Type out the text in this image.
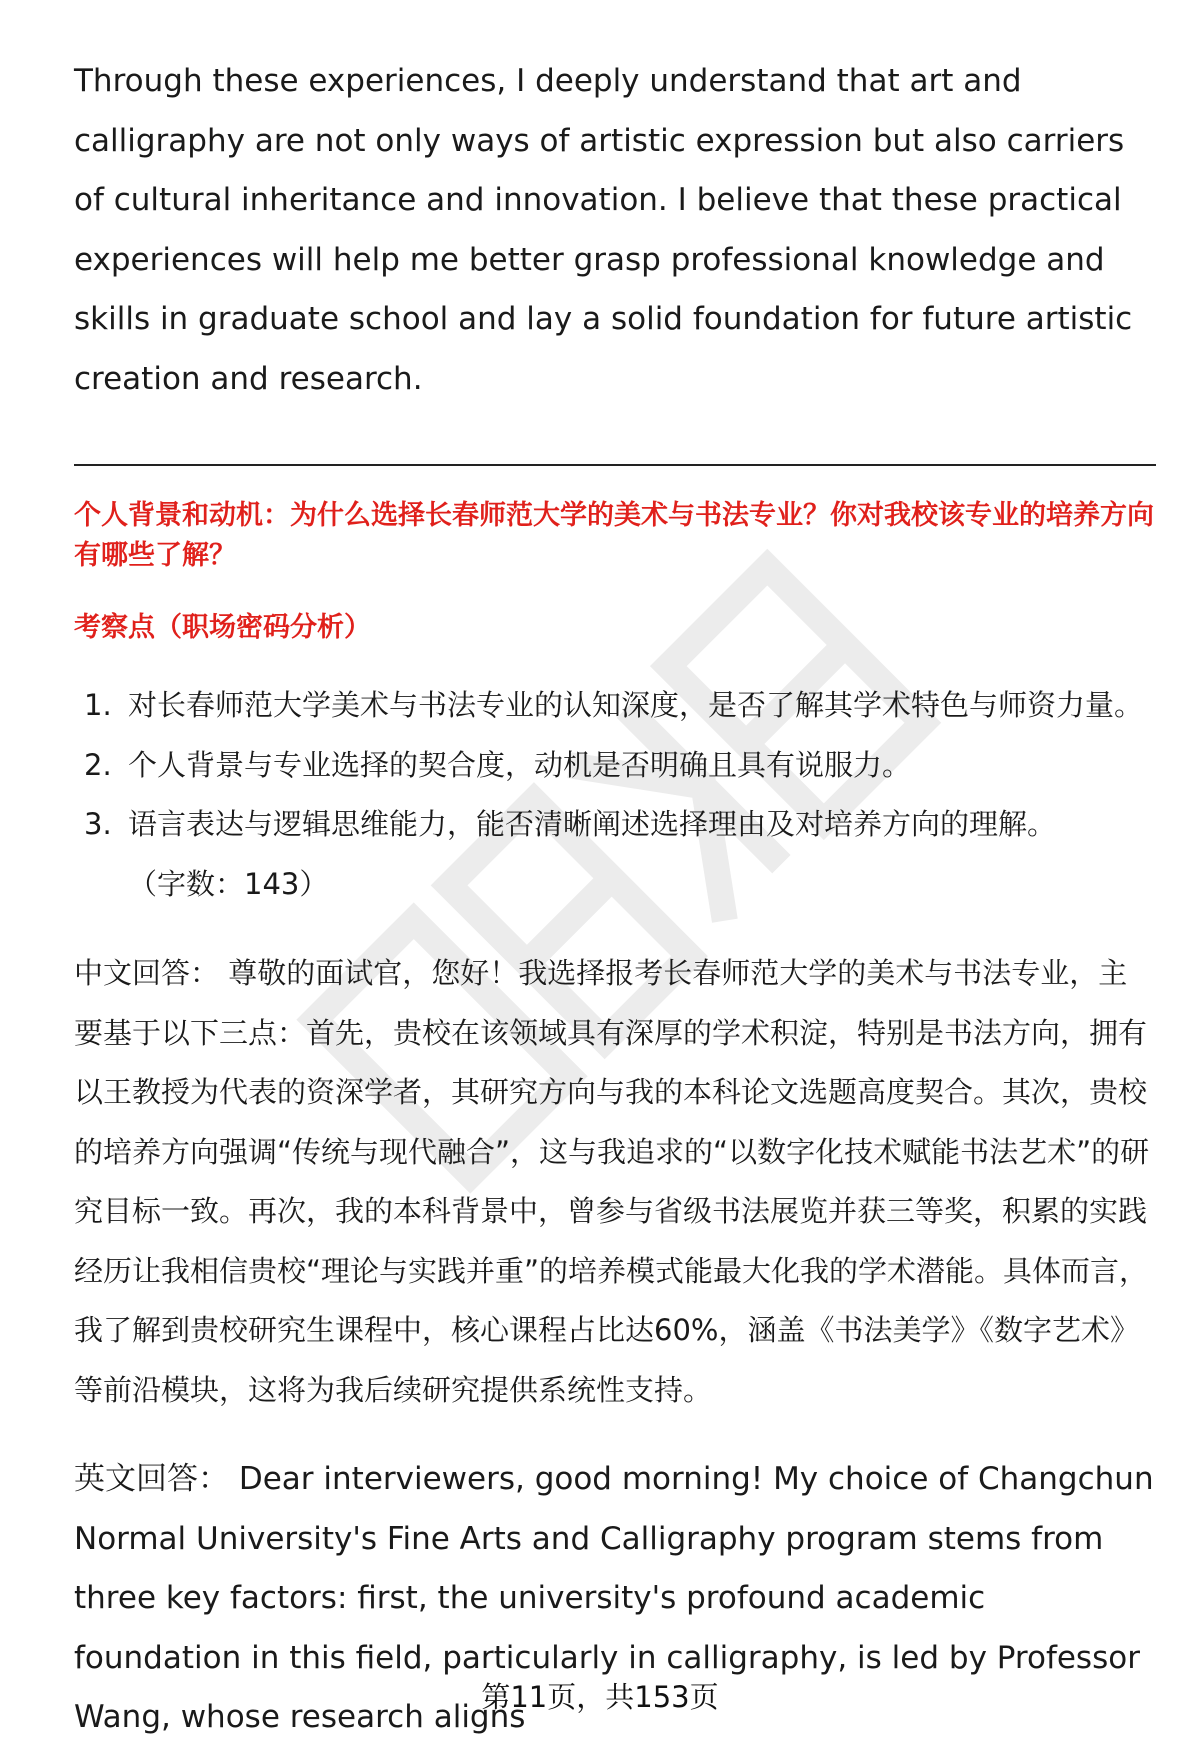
Through these experiences, I deeply understand that art and calligraphy are not only ways of artistic expression but also carriers of cultural inheritance and innovation. I believe that these practical experiences will help me better grasp professional knowledge and skills in graduate school and lay a solid foundation for future artistic creation and research.

个人背景和动机：为什么选择长春师范大学的美术与书法专业？你对我校该专业的培养方向有哪些了解？

考察点（职场密码分析）

1. 对长春师范大学美术与书法专业的认知深度，是否了解其学术特色与师资力量。
2. 个人背景与专业选择的契合度，动机是否明确且具有说服力。
3. 语言表达与逻辑思维能力，能否清晰阐述选择理由及对培养方向的理解。

（字数：143）

中文回答： 尊敬的面试官，您好！我选择报考长春师范大学的美术与书法专业，主要基于以下三点：首先，贵校在该领域具有深厚的学术积淀，特别是书法方向，拥有以王教授为代表的资深学者，其研究方向与我的本科论文选题高度契合。其次，贵校的培养方向强调“传统与现代融合”，这与我追求的“以数字化技术赋能书法艺术”的研究目标一致。再次，我的本科背景中，曾参与省级书法展览并获三等奖，积累的实践经历让我相信贵校“理论与实践并重”的培养模式能最大化我的学术潜能。具体而言，我了解到贵校研究生课程中，核心课程占比达60%，涵盖《书法美学》《数字艺术》等前沿模块，这将为我后续研究提供系统性支持。

英文回答： Dear interviewers, good morning! My choice of Changchun Normal University's Fine Arts and Calligraphy program stems from three key factors: first, the university's profound academic foundation in this field, particularly in calligraphy, is led by Professor Wang, whose research aligns

第11页，共153页
